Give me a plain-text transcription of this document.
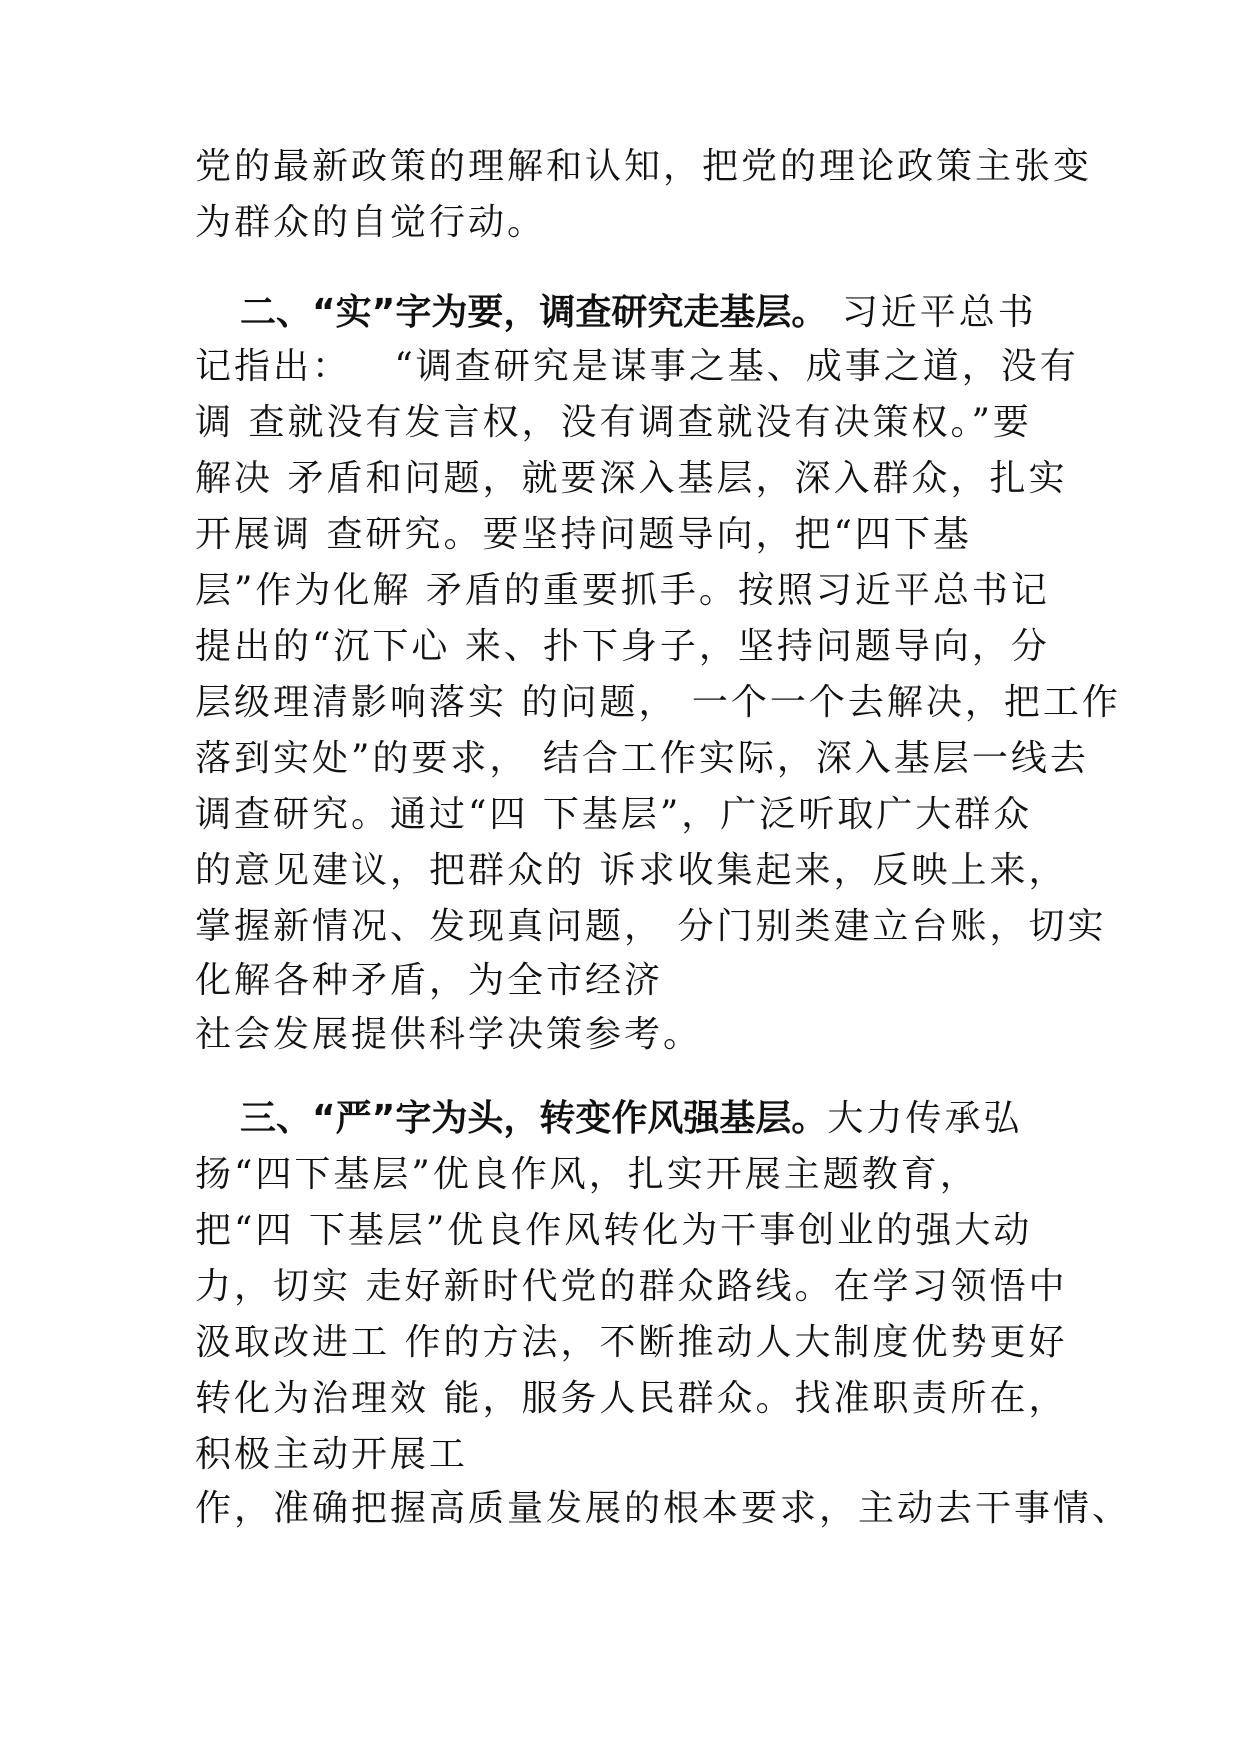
党的最新政策的理解和认知，把党的理论政策主张变
为群众的自觉行动。
二、“实”字为要，调查研究走基层。 习近平总书
记指出：   “调查研究是谋事之基、成事之道，没有
调 查就没有发言权，没有调查就没有决策权。”要
解决 矛盾和问题，就要深入基层，深入群众，扎实
开展调 查研究。要坚持问题导向，把“四下基
层”作为化解 矛盾的重要抓手。按照习近平总书记
提出的“沉下心 来、扑下身子，坚持问题导向，分
层级理清影响落实 的问题， 一个一个去解决，把工作
落到实处”的要求， 结合工作实际，深入基层一线去
调查研究。通过“四 下基层”，广泛听取广大群众
的意见建议，把群众的 诉求收集起来，反映上来，
掌握新情况、发现真问题， 分门别类建立台账，切实
化解各种矛盾，为全市经济
社会发展提供科学决策参考。
三、“严”字为头，转变作风强基层。大力传承弘
扬“四下基层”优良作风，扎实开展主题教育，
把“四 下基层”优良作风转化为干事创业的强大动
力，切实 走好新时代党的群众路线。在学习领悟中
汲取改进工 作的方法，不断推动人大制度优势更好
转化为治理效 能，服务人民群众。找准职责所在，
积极主动开展工
作，准确把握高质量发展的根本要求，主动去干事情、
